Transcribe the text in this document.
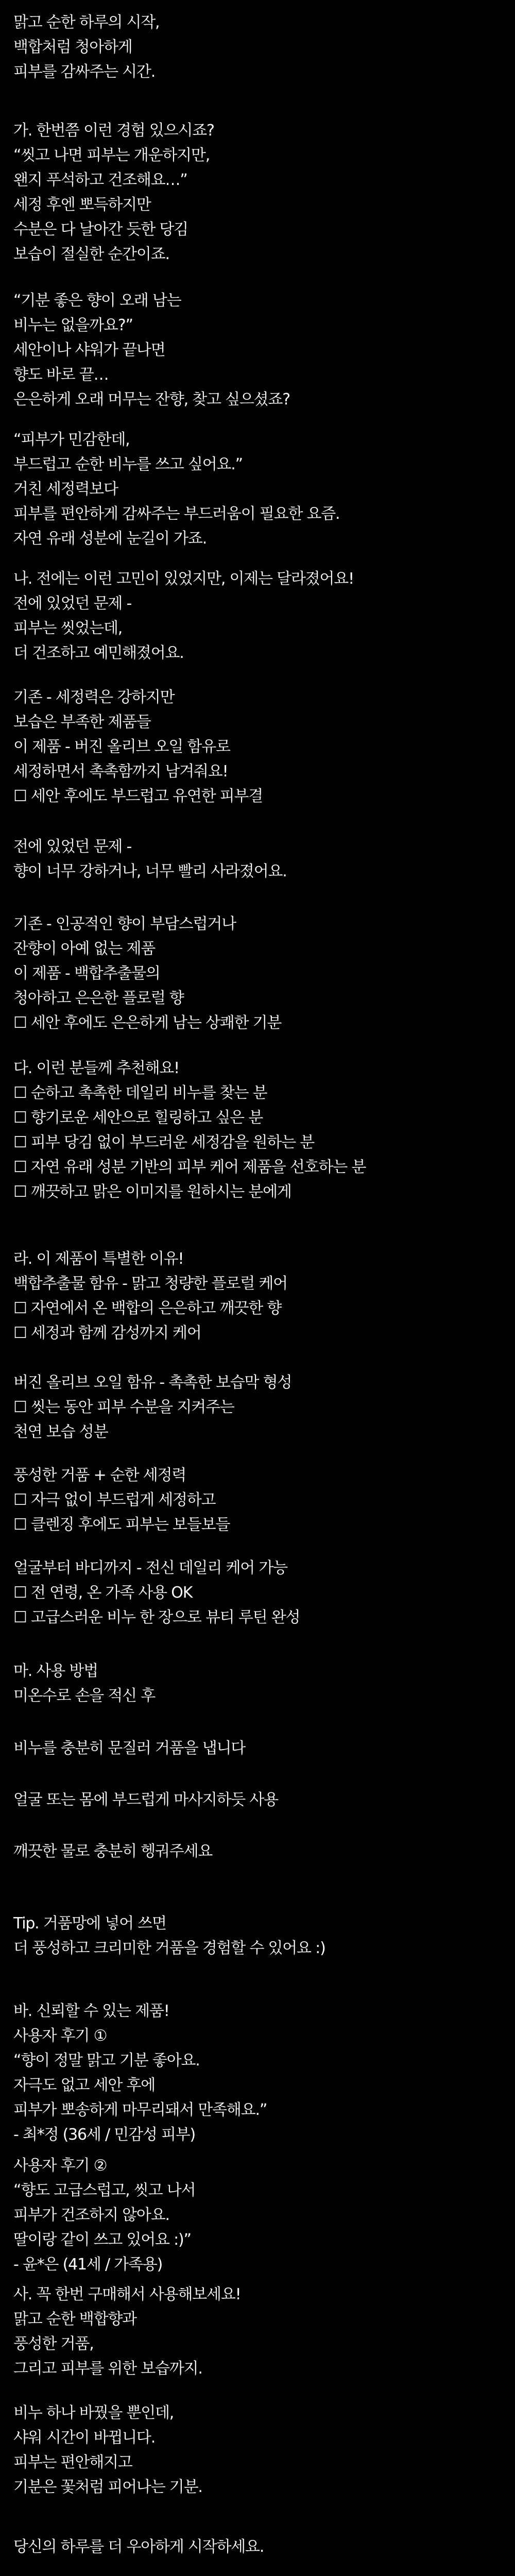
맑고 순한 하루의 시작,
백합처럼 청아하게
피부를 감싸주는 시간.
가. 한번쯤 이런 경험 있으시죠?
“씻고 나면 피부는 개운하지만,
왠지 푸석하고 건조해요…”
세정 후엔 뽀득하지만
수분은 다 날아간 듯한 당김
보습이 절실한 순간이죠.
“기분 좋은 향이 오래 남는
비누는 없을까요?”
세안이나 샤워가 끝나면
향도 바로 끝…
은은하게 오래 머무는 잔향, 찾고 싶으셨죠?
“피부가 민감한데,
부드럽고 순한 비누를 쓰고 싶어요.”
거친 세정력보다
피부를 편안하게 감싸주는 부드러움이 필요한 요즘.
자연 유래 성분에 눈길이 가죠.
나. 전에는 이런 고민이 있었지만, 이제는 달라졌어요!
전에 있었던 문제 -
피부는 씻었는데,
더 건조하고 예민해졌어요.
기존 - 세정력은 강하지만
보습은 부족한 제품들
이 제품 - 버진 올리브 오일 함유로
세정하면서 촉촉함까지 남겨줘요!
☐ 세안 후에도 부드럽고 유연한 피부결
전에 있었던 문제 -
향이 너무 강하거나, 너무 빨리 사라졌어요.
기존 - 인공적인 향이 부담스럽거나
잔향이 아예 없는 제품
이 제품 - 백합추출물의
청아하고 은은한 플로럴 향
☐ 세안 후에도 은은하게 남는 상쾌한 기분
다. 이런 분들께 추천해요!
☐ 순하고 촉촉한 데일리 비누를 찾는 분
☐ 향기로운 세안으로 힐링하고 싶은 분
☐ 피부 당김 없이 부드러운 세정감을 원하는 분
☐ 자연 유래 성분 기반의 피부 케어 제품을 선호하는 분
☐ 깨끗하고 맑은 이미지를 원하시는 분에게
라. 이 제품이 특별한 이유!
백합추출물 함유 - 맑고 청량한 플로럴 케어
☐ 자연에서 온 백합의 은은하고 깨끗한 향
☐ 세정과 함께 감성까지 케어
버진 올리브 오일 함유 - 촉촉한 보습막 형성
☐ 씻는 동안 피부 수분을 지켜주는
천연 보습 성분
풍성한 거품 + 순한 세정력
☐ 자극 없이 부드럽게 세정하고
☐ 클렌징 후에도 피부는 보들보들
얼굴부터 바디까지 - 전신 데일리 케어 가능
☐ 전 연령, 온 가족 사용 OK
☐ 고급스러운 비누 한 장으로 뷰티 루틴 완성
마. 사용 방법
미온수로 손을 적신 후
비누를 충분히 문질러 거품을 냅니다
얼굴 또는 몸에 부드럽게 마사지하듯 사용
깨끗한 물로 충분히 헹궈주세요
Tip. 거품망에 넣어 쓰면
더 풍성하고 크리미한 거품을 경험할 수 있어요 :)
바. 신뢰할 수 있는 제품!
사용자 후기 ①
“향이 정말 맑고 기분 좋아요.
자극도 없고 세안 후에
피부가 뽀송하게 마무리돼서 만족해요.”
- 최*정 (36세 / 민감성 피부)
사용자 후기 ②
“향도 고급스럽고, 씻고 나서
피부가 건조하지 않아요.
딸이랑 같이 쓰고 있어요 :)”
- 윤*은 (41세 / 가족용)
사. 꼭 한번 구매해서 사용해보세요!
맑고 순한 백합향과
풍성한 거품,
그리고 피부를 위한 보습까지.
비누 하나 바꿨을 뿐인데,
샤워 시간이 바뀝니다.
피부는 편안해지고
기분은 꽃처럼 피어나는 기분.
당신의 하루를 더 우아하게 시작하세요.
